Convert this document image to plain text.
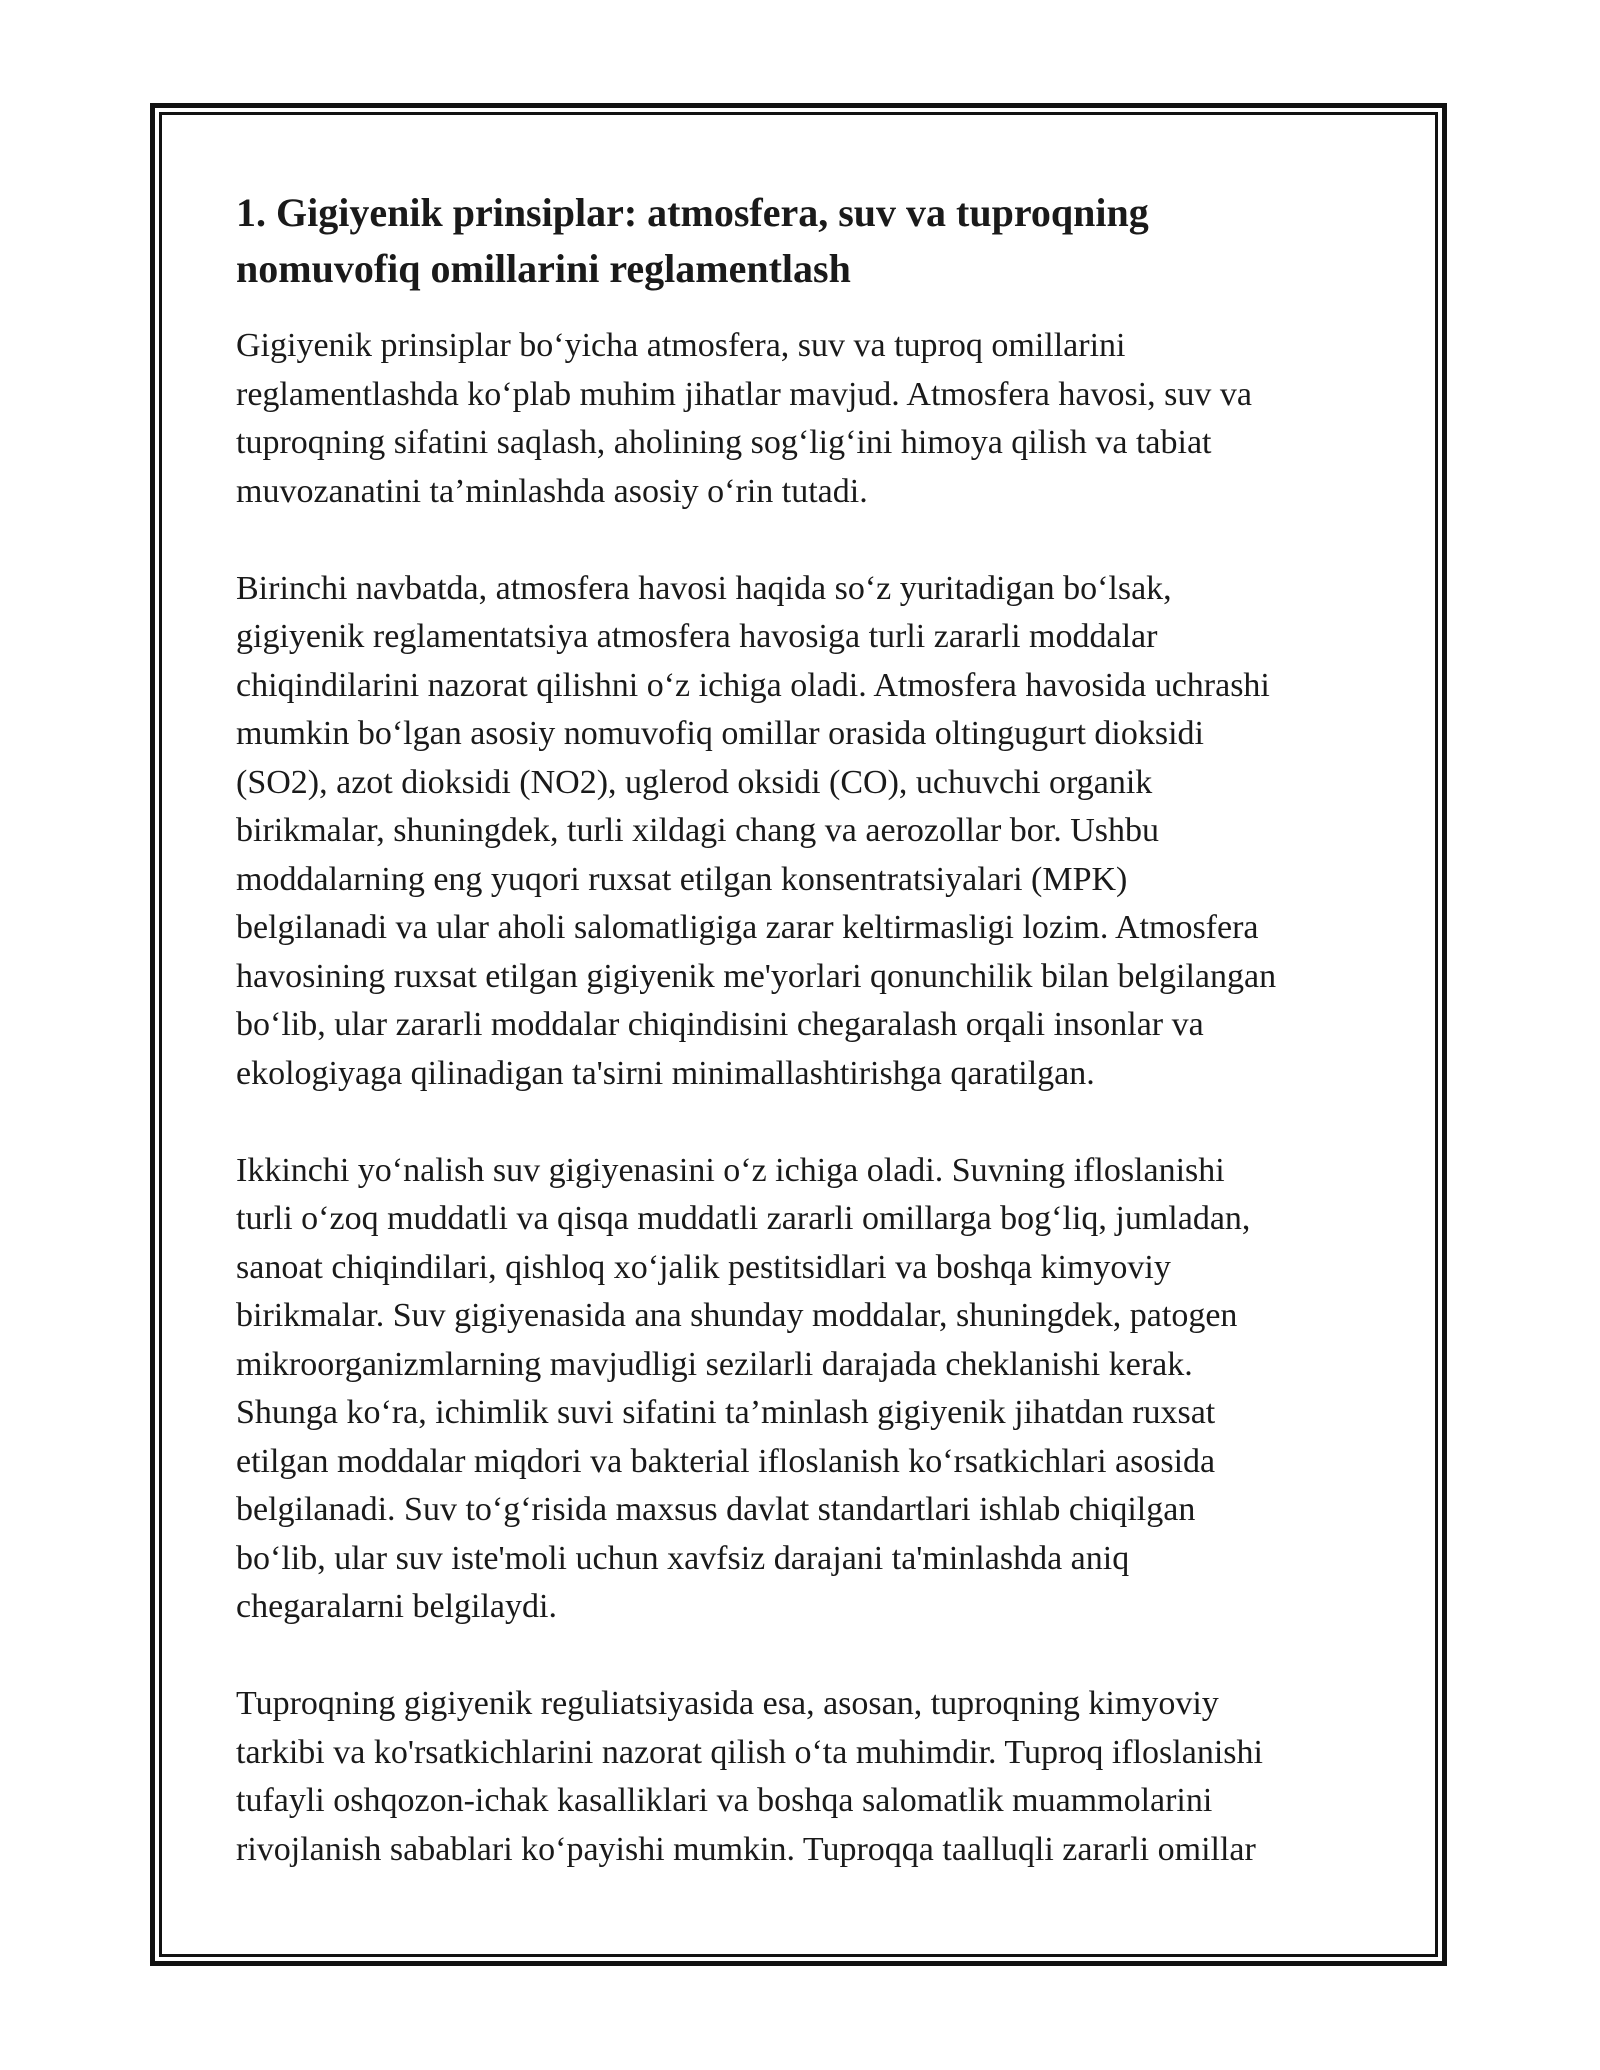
1. Gigiyenik prinsiplar: atmosfera, suv va tuproqning
nomuvofiq omillarini reglamentlash

Gigiyenik prinsiplar bo‘yicha atmosfera, suv va tuproq omillarini
reglamentlashda ko‘plab muhim jihatlar mavjud. Atmosfera havosi, suv va
tuproqning sifatini saqlash, aholining sog‘lig‘ini himoya qilish va tabiat
muvozanatini ta’minlashda asosiy o‘rin tutadi.

Birinchi navbatda, atmosfera havosi haqida so‘z yuritadigan bo‘lsak,
gigiyenik reglamentatsiya atmosfera havosiga turli zararli moddalar
chiqindilarini nazorat qilishni o‘z ichiga oladi. Atmosfera havosida uchrashi
mumkin bo‘lgan asosiy nomuvofiq omillar orasida oltingugurt dioksidi
(SO2), azot dioksidi (NO2), uglerod oksidi (CO), uchuvchi organik
birikmalar, shuningdek, turli xildagi chang va aerozollar bor. Ushbu
moddalarning eng yuqori ruxsat etilgan konsentratsiyalari (MPK)
belgilanadi va ular aholi salomatligiga zarar keltirmasligi lozim. Atmosfera
havosining ruxsat etilgan gigiyenik me'yorlari qonunchilik bilan belgilangan
bo‘lib, ular zararli moddalar chiqindisini chegaralash orqali insonlar va
ekologiyaga qilinadigan ta'sirni minimallashtirishga qaratilgan.

Ikkinchi yo‘nalish suv gigiyenasini o‘z ichiga oladi. Suvning ifloslanishi
turli o‘zoq muddatli va qisqa muddatli zararli omillarga bog‘liq, jumladan,
sanoat chiqindilari, qishloq xo‘jalik pestitsidlari va boshqa kimyoviy
birikmalar. Suv gigiyenasida ana shunday moddalar, shuningdek, patogen
mikroorganizmlarning mavjudligi sezilarli darajada cheklanishi kerak.
Shunga ko‘ra, ichimlik suvi sifatini ta’minlash gigiyenik jihatdan ruxsat
etilgan moddalar miqdori va bakterial ifloslanish ko‘rsatkichlari asosida
belgilanadi. Suv to‘g‘risida maxsus davlat standartlari ishlab chiqilgan
bo‘lib, ular suv iste'moli uchun xavfsiz darajani ta'minlashda aniq
chegaralarni belgilaydi.

Tuproqning gigiyenik reguliatsiyasida esa, asosan, tuproqning kimyoviy
tarkibi va ko'rsatkichlarini nazorat qilish o‘ta muhimdir. Tuproq ifloslanishi
tufayli oshqozon-ichak kasalliklari va boshqa salomatlik muammolarini
rivojlanish sabablari ko‘payishi mumkin. Tuproqqa taalluqli zararli omillar
